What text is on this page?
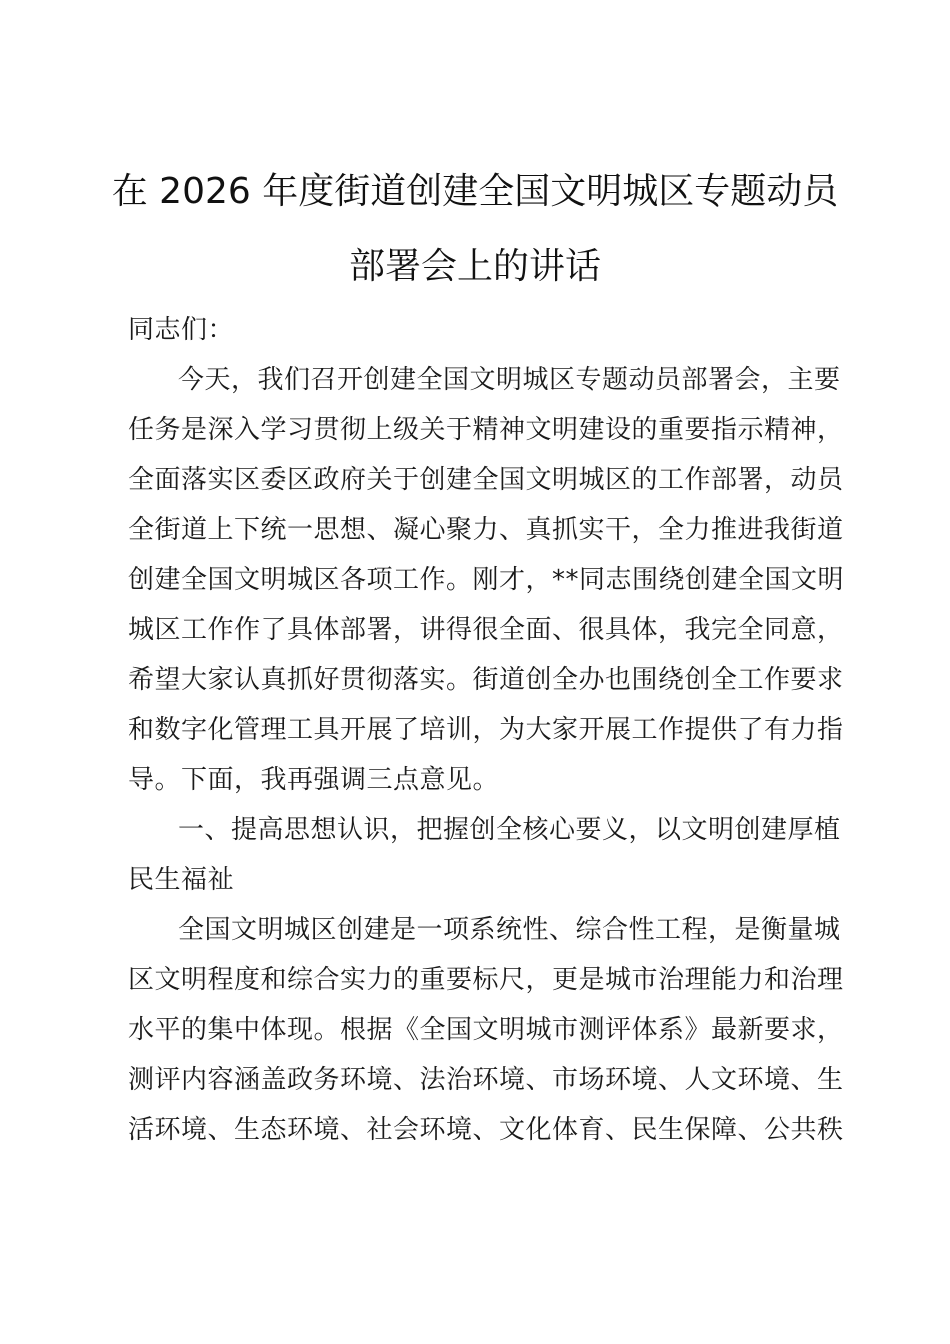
在 2026 年度街道创建全国文明城区专题动员
部署会上的讲话
同志们：
今天，我们召开创建全国文明城区专题动员部署会，主要
任务是深入学习贯彻上级关于精神文明建设的重要指示精神，
全面落实区委区政府关于创建全国文明城区的工作部署，动员
全街道上下统一思想、凝心聚力、真抓实干，全力推进我街道
创建全国文明城区各项工作。刚才，**同志围绕创建全国文明
城区工作作了具体部署，讲得很全面、很具体，我完全同意，
希望大家认真抓好贯彻落实。街道创全办也围绕创全工作要求
和数字化管理工具开展了培训，为大家开展工作提供了有力指
导。下面，我再强调三点意见。
一、提高思想认识，把握创全核心要义，以文明创建厚植
民生福祉
全国文明城区创建是一项系统性、综合性工程，是衡量城
区文明程度和综合实力的重要标尺，更是城市治理能力和治理
水平的集中体现。根据《全国文明城市测评体系》最新要求，
测评内容涵盖政务环境、法治环境、市场环境、人文环境、生
活环境、生态环境、社会环境、文化体育、民生保障、公共秩
